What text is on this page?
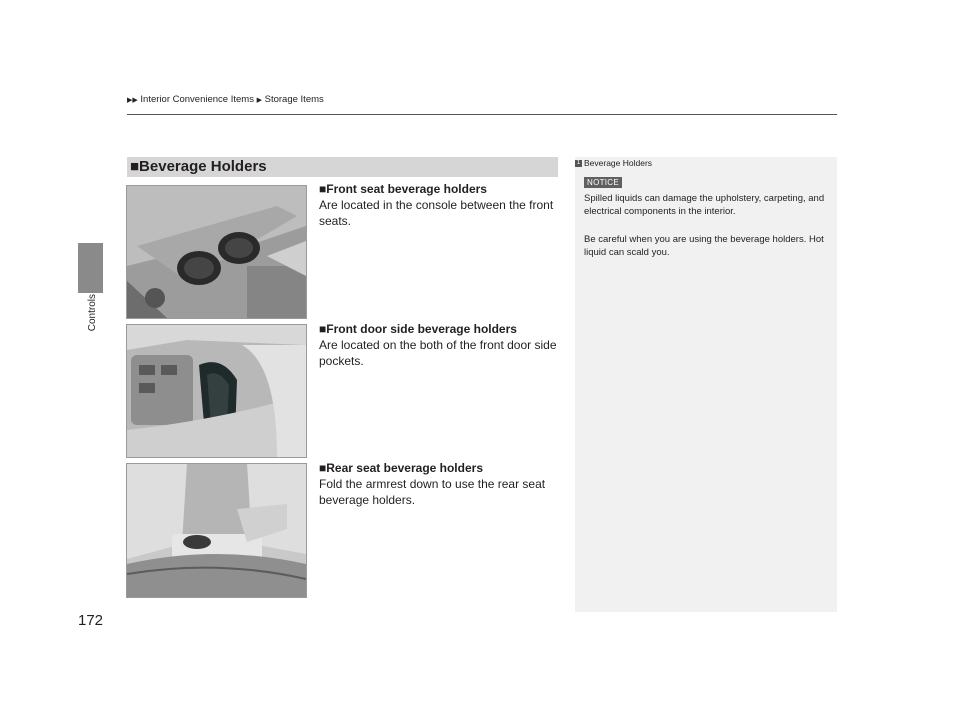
▶▶ Interior Convenience Items ▶ Storage Items
Controls
■Beverage Holders
■Front seat beverage holders
Are located in the console between the front seats.
■Front door side beverage holders
Are located on the both of the front door side pockets.
■Rear seat beverage holders
Fold the armrest down to use the rear seat beverage holders.
1 Beverage Holders
NOTICE
Spilled liquids can damage the upholstery, carpeting, and electrical components in the interior.
Be careful when you are using the beverage holders. Hot liquid can scald you.
172
